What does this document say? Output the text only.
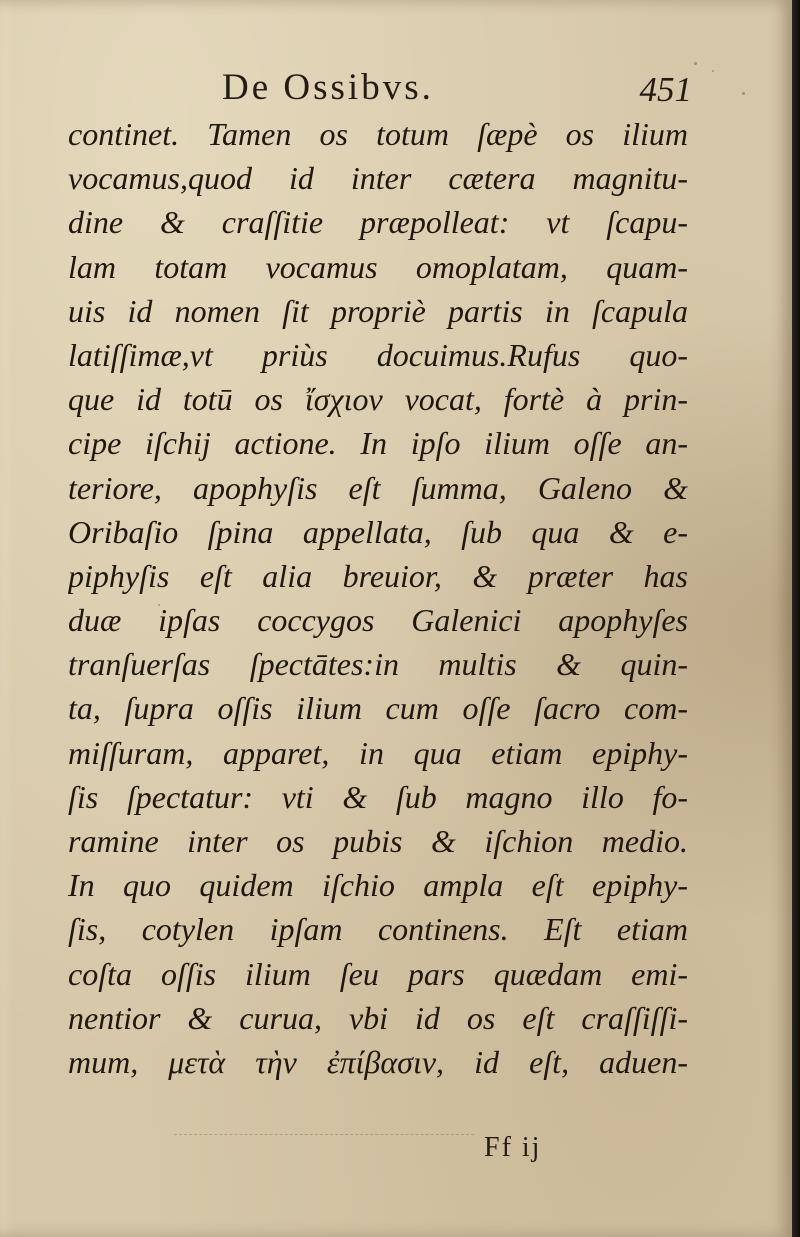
De Ossibvs.	451
continet. Tamen os totum ſæpè os ilium
vocamus,quod id inter cætera magnitu-
dine & craſſitie præpolleat: vt ſcapu-
lam totam vocamus omoplatam, quam-
uis id nomen ſit propriè partis in ſcapula
latiſſimæ,vt priùs docuimus.Rufus quo-
que id totū os ἴσχιον vocat, fortè à prin-
cipe iſchij actione. In ipſo ilium oſſe an-
teriore, apophyſis eſt ſumma, Galeno &
Oribaſio ſpina appellata, ſub qua & e-
piphyſis eſt alia breuior, & præter has
duæ ipſas coccygos Galenici apophyſes
tranſuerſas ſpectātes:in multis & quin-
ta, ſupra oſſis ilium cum oſſe ſacro com-
miſſuram, apparet, in qua etiam epiphy-
ſis ſpectatur: vti & ſub magno illo fo-
ramine inter os pubis & iſchion medio.
In quo quidem iſchio ampla eſt epiphy-
ſis, cotylen ipſam continens. Eſt etiam
coſta oſſis ilium ſeu pars quædam emi-
nentior & curua, vbi id os eſt craſſiſſi-
mum, μετὰ τὴν ἐπίβασιν, id eſt, aduen-
Ff ij
